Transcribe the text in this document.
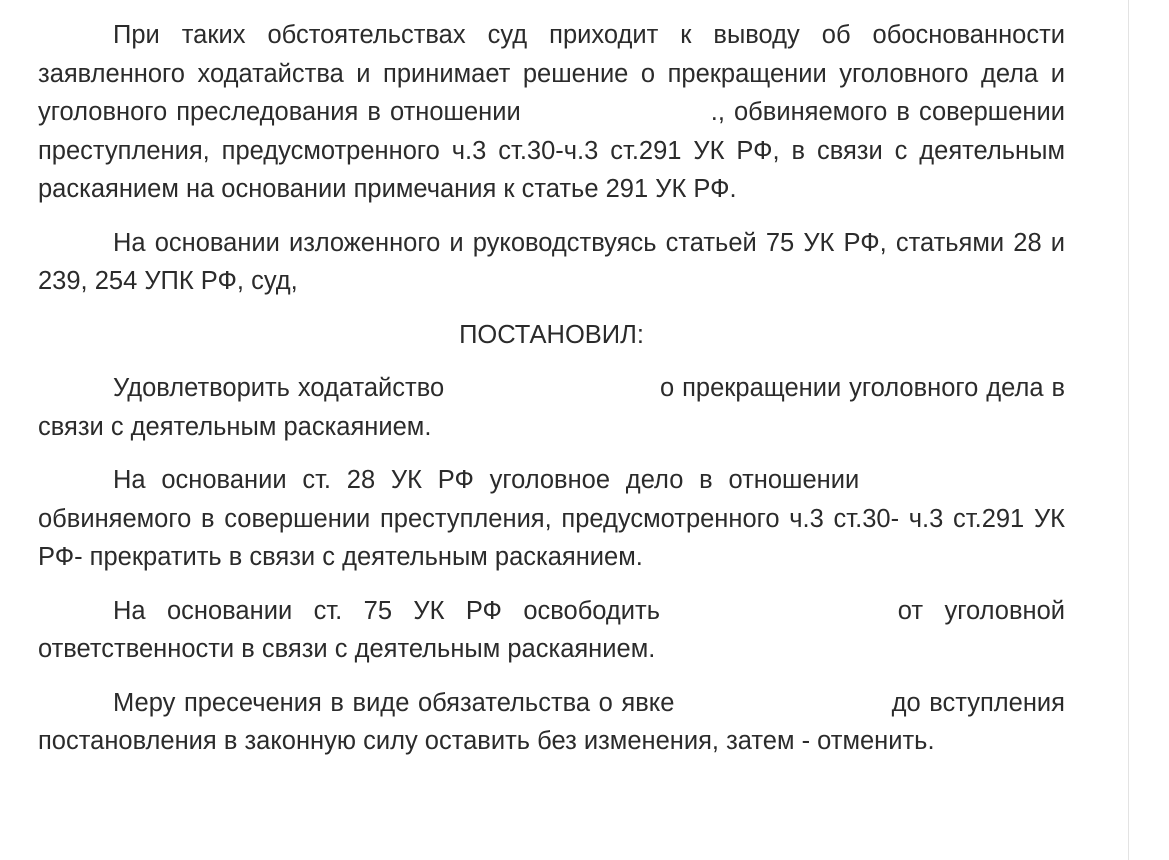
При таких обстоятельствах суд приходит к выводу об обоснованности заявленного ходатайства и принимает решение о прекращении уголовного дела и уголовного преследования в отношении	., обвиняемого в совершении преступления, предусмотренного ч.3 ст.30-ч.3 ст.291 УК РФ, в связи с деятельным раскаянием на основании примечания к статье 291 УК РФ.

На основании изложенного и руководствуясь статьей 75 УК РФ, статьями 28 и 239, 254 УПК РФ, суд,

ПОСТАНОВИЛ:

Удовлетворить ходатайство	о прекращении уголовного дела в связи с деятельным раскаянием.

На основании ст. 28 УК РФ уголовное дело в отношении  обвиняемого в совершении преступления, предусмотренного ч.3 ст.30- ч.3 ст.291 УК РФ- прекратить в связи с деятельным раскаянием.

На основании ст. 75 УК РФ освободить	от уголовной ответственности в связи с деятельным раскаянием.

Меру пресечения в виде обязательства о явке	до вступления постановления в законную силу оставить без изменения, затем - отменить.
